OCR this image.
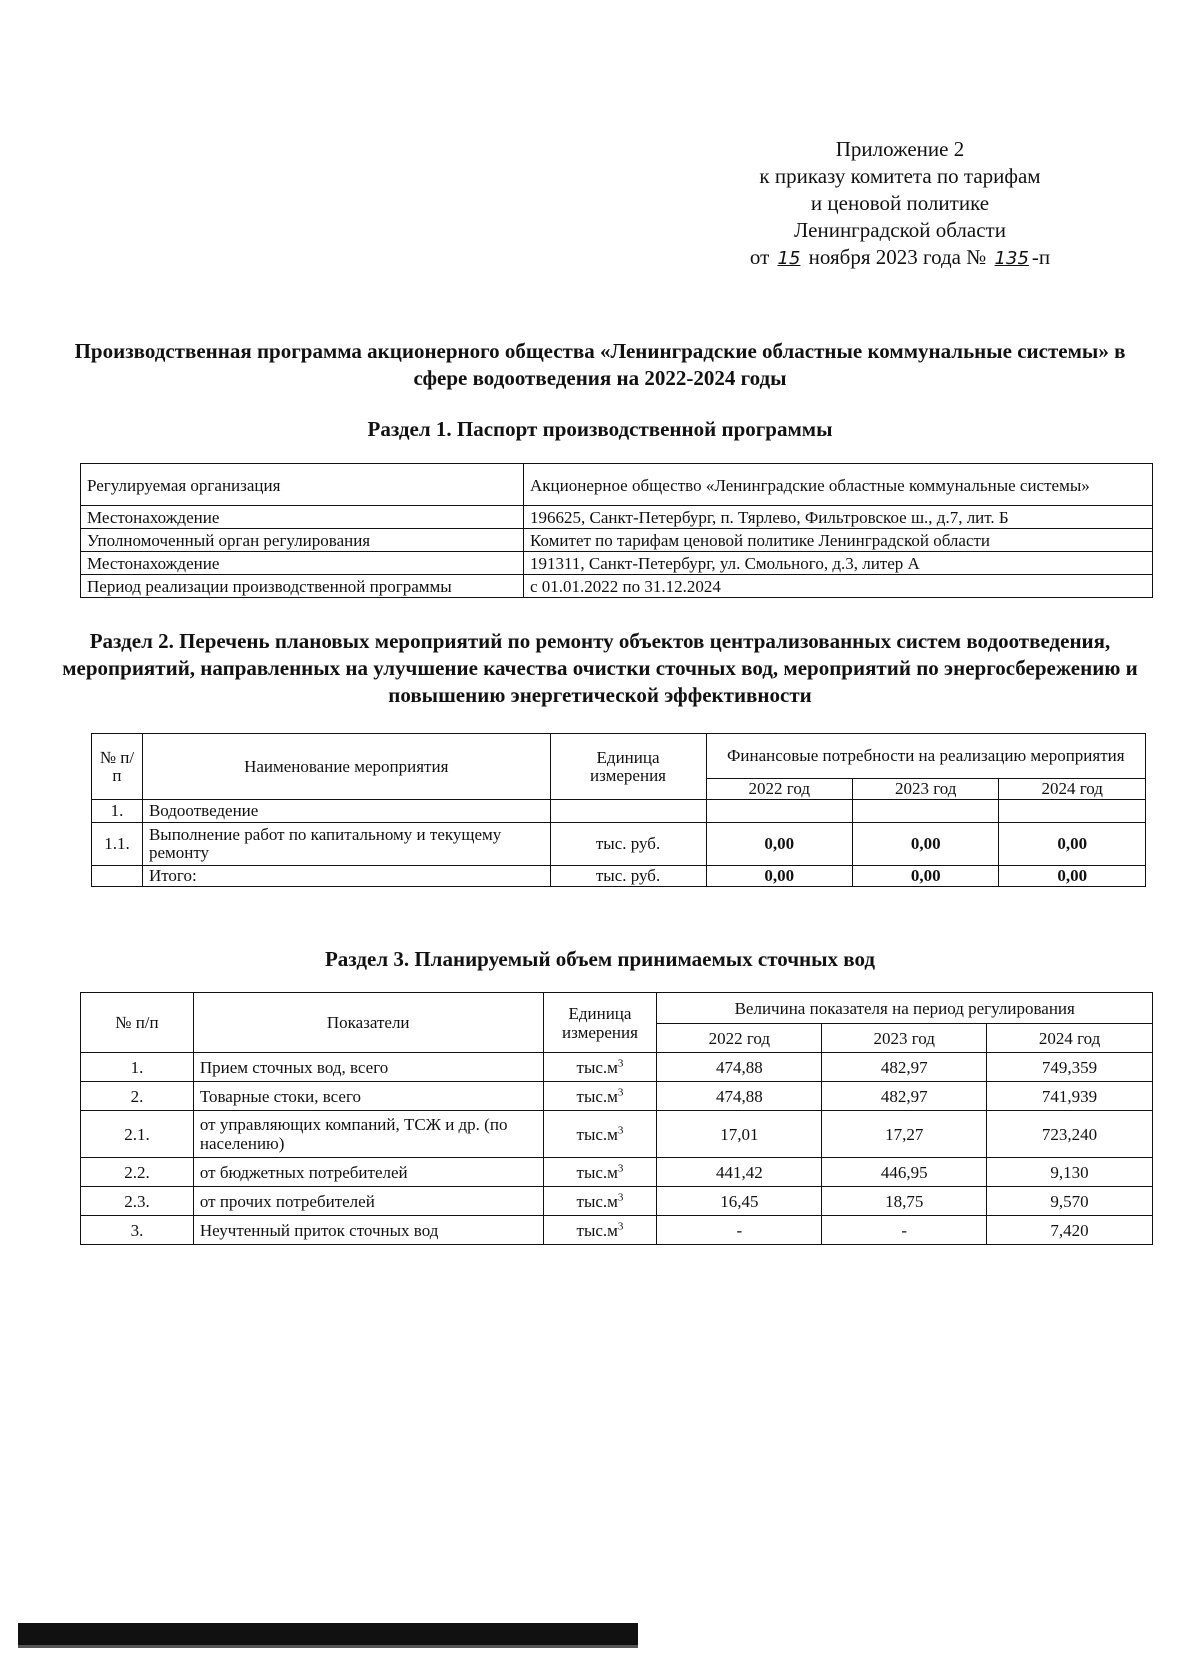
Приложение 2
к приказу комитета по тарифам
и ценовой политике
Ленинградской области
от 15 ноября 2023 года № 135 -п
Производственная программа акционерного общества «Ленинградские областные коммунальные системы» в сфере водоотведения на 2022-2024 годы
Раздел 1. Паспорт производственной программы
Регулируемая организация	Акционерное общество «Ленинградские областные коммунальные системы»
Местонахождение	196625, Санкт-Петербург, п. Тярлево, Фильтровское ш., д.7, лит. Б
Уполномоченный орган регулирования	Комитет по тарифам ценовой политике Ленинградской области
Местонахождение	191311, Санкт-Петербург, ул. Смольного, д.3, литер А
Период реализации производственной программы	с 01.01.2022 по 31.12.2024
Раздел 2. Перечень плановых мероприятий по ремонту объектов централизованных систем водоотведения, мероприятий, направленных на улучшение качества очистки сточных вод, мероприятий по энергосбережению и повышению энергетической эффективности
№ п/п	Наименование мероприятия	Единица измерения	Финансовые потребности на реализацию мероприятия		
			2022 год	2023 год	2024 год
1.	Водоотведение				
1.1.	Выполнение работ по капитальному и текущему ремонту	тыс. руб.	0,00	0,00	0,00
	Итого:	тыс. руб.	0,00	0,00	0,00
Раздел 3. Планируемый объем принимаемых сточных вод
№ п/п	Показатели	Единица измерения	Величина показателя на период регулирования		
			2022 год	2023 год	2024 год
1.	Прием сточных вод, всего	$тыс.м^3$	474,88	482,97	749,359
2.	Товарные стоки, всего	$тыс.м^3$	474,88	482,97	741,939
2.1.	от управляющих компаний, ТСЖ и др. (по населению)	$тыс.м^3$	17,01	17,27	723,240
2.2.	от бюджетных потребителей	$тыс.м^3$	441,42	446,95	9,130
2.3.	от прочих потребителей	$тыс.м^3$	16,45	18,75	9,570
3.	Неучтенный приток сточных вод	$тыс.м^3$	-	-	7,420
